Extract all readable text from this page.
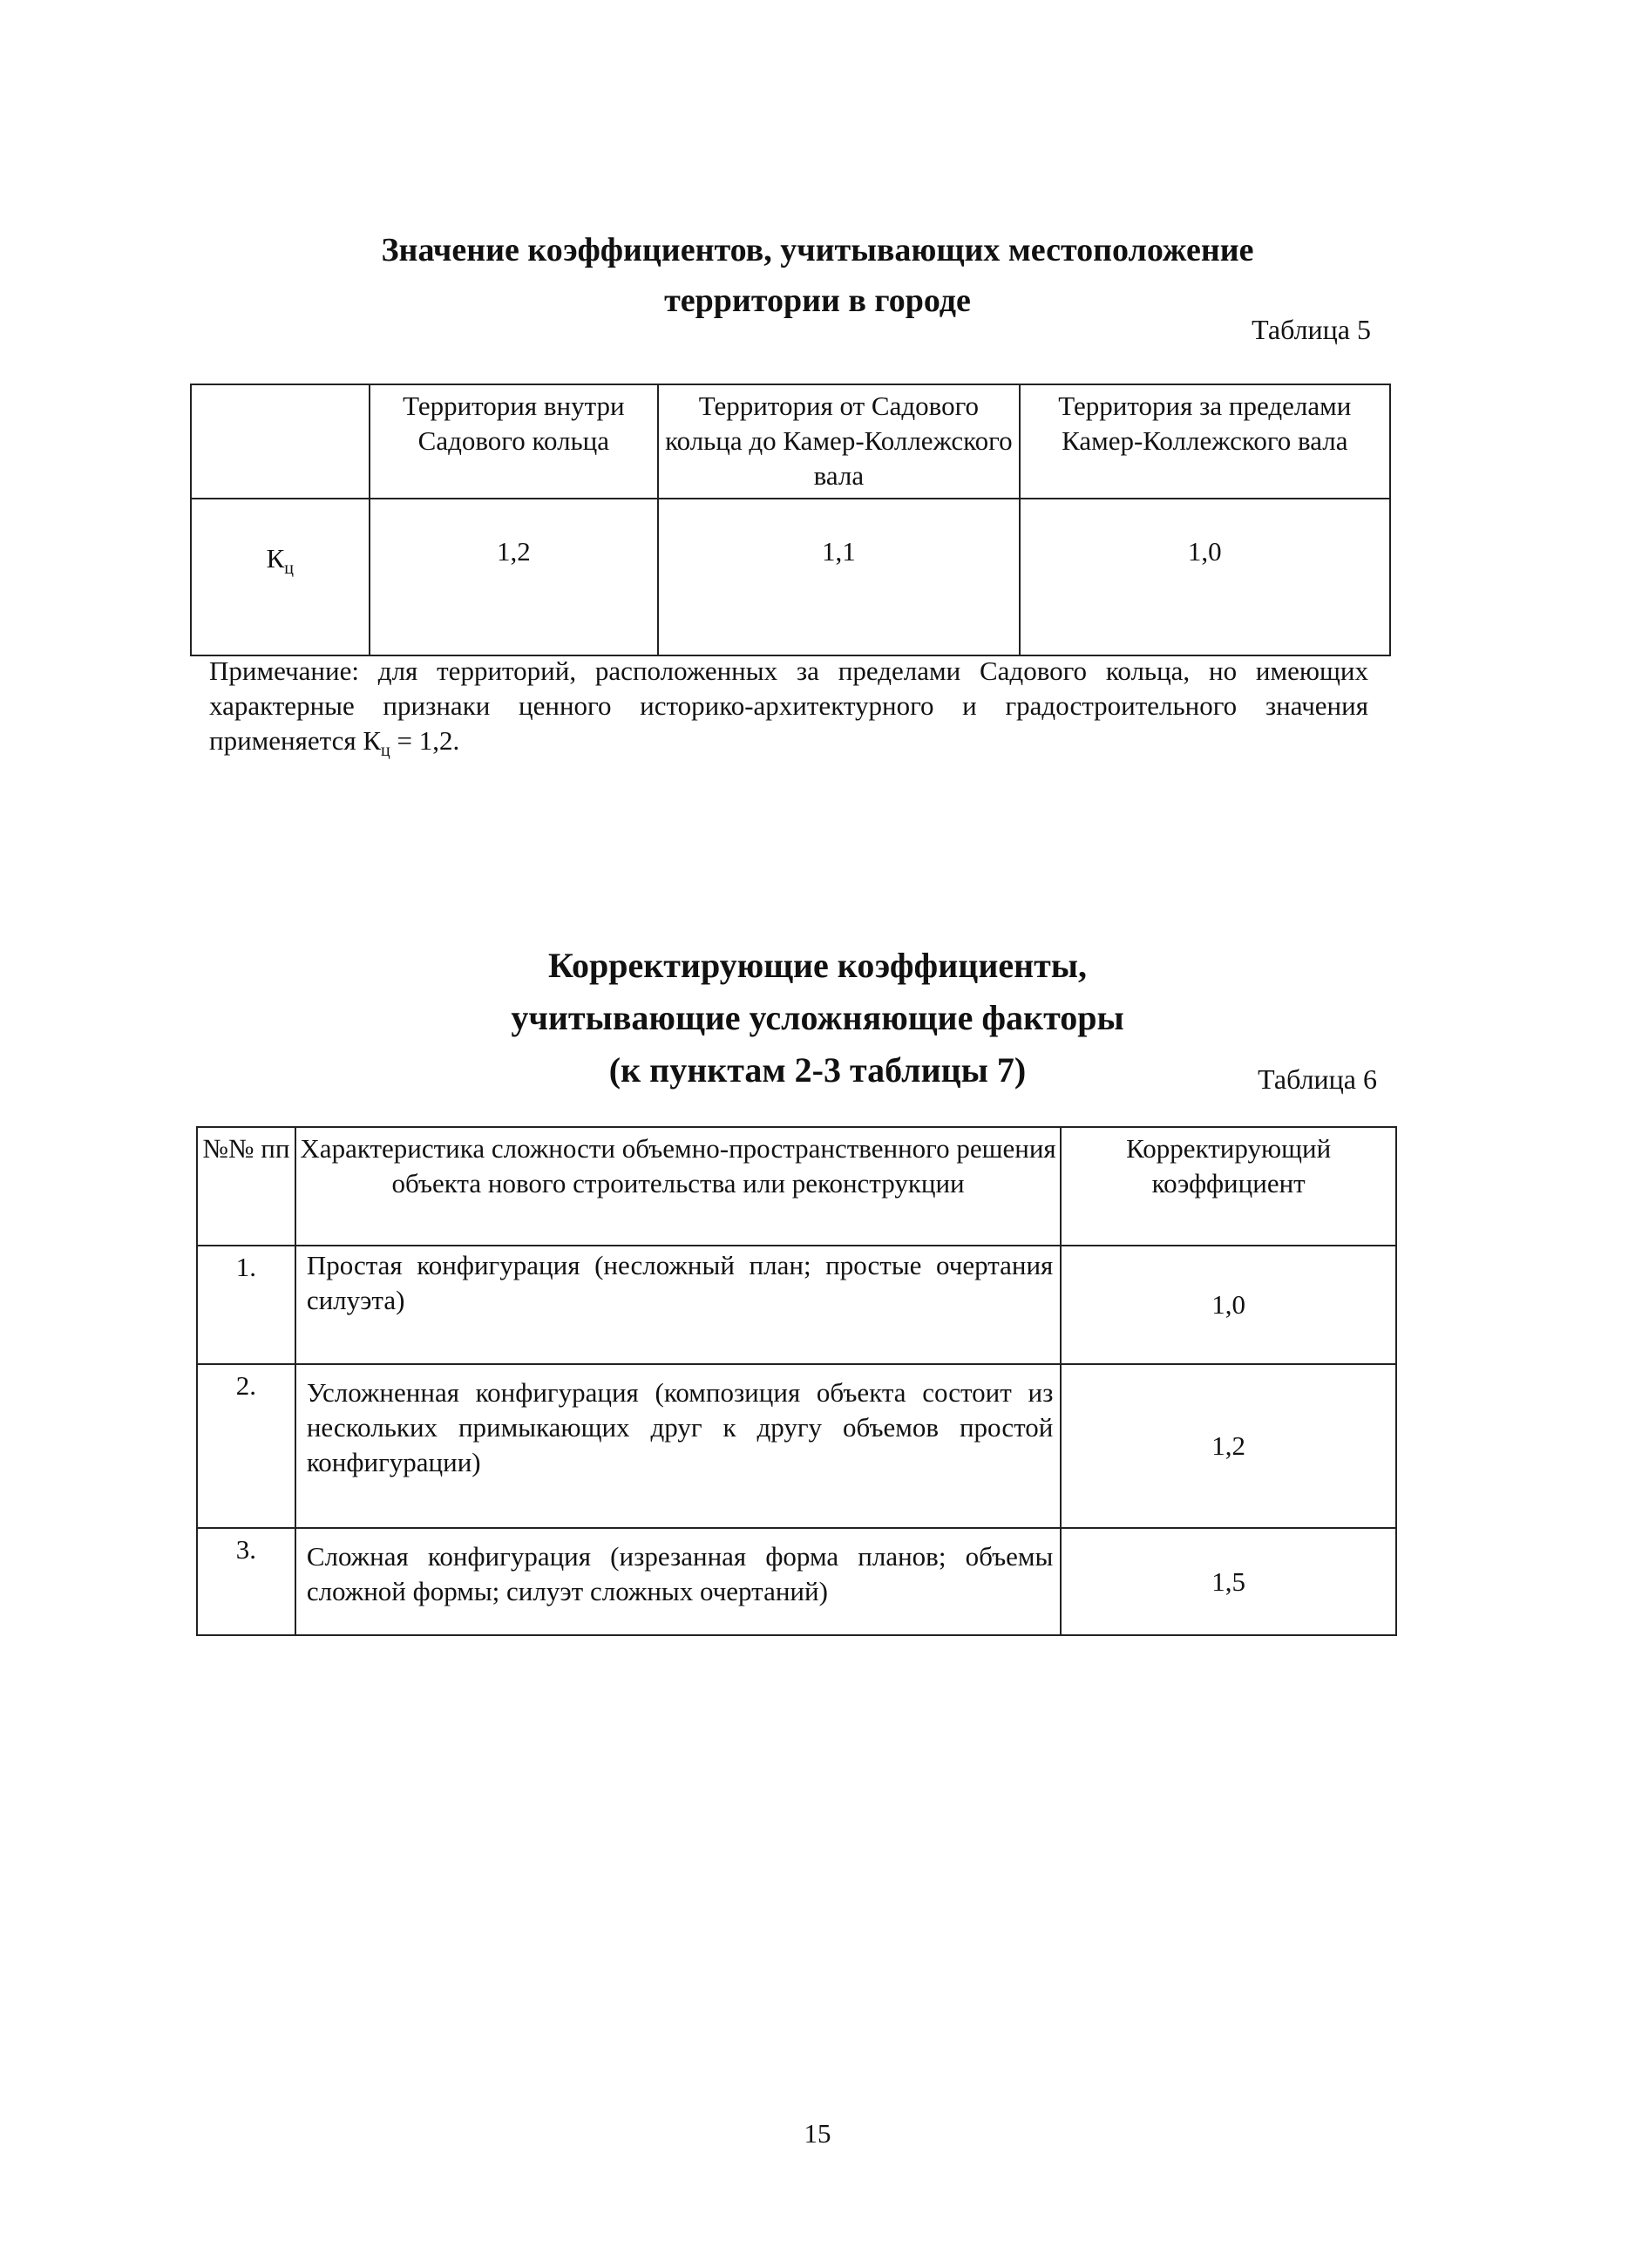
Значение коэффициентов, учитывающих местоположение
территории в городе
Таблица 5
	Территория внутри Садового кольца	Территория от Садового кольца до Камер-Коллежского вала	Территория за пределами Камер-Коллежского вала
$К_ц$	1,2	1,1	1,0

Примечание: для территорий, расположенных за пределами Садового кольца, но имеющих характерные признаки ценного историко-архитектурного и градостроительного значения применяется $К_ц = 1,2$.

Корректирующие коэффициенты,
учитывающие усложняющие факторы
(к пунктам 2-3 таблицы 7)	Таблица 6
№№ пп	Характеристика сложности объемно-пространственного решения объекта нового строительства или реконструкции	Корректирующий коэффициент
1.	Простая конфигурация (несложный план; простые очертания силуэта)	1,0
2.	Усложненная конфигурация (композиция объекта состоит из нескольких примыкающих друг к другу объемов простой конфигурации)	1,2
3.	Сложная конфигурация (изрезанная форма планов; объемы сложной формы; силуэт сложных очертаний)	1,5
15
